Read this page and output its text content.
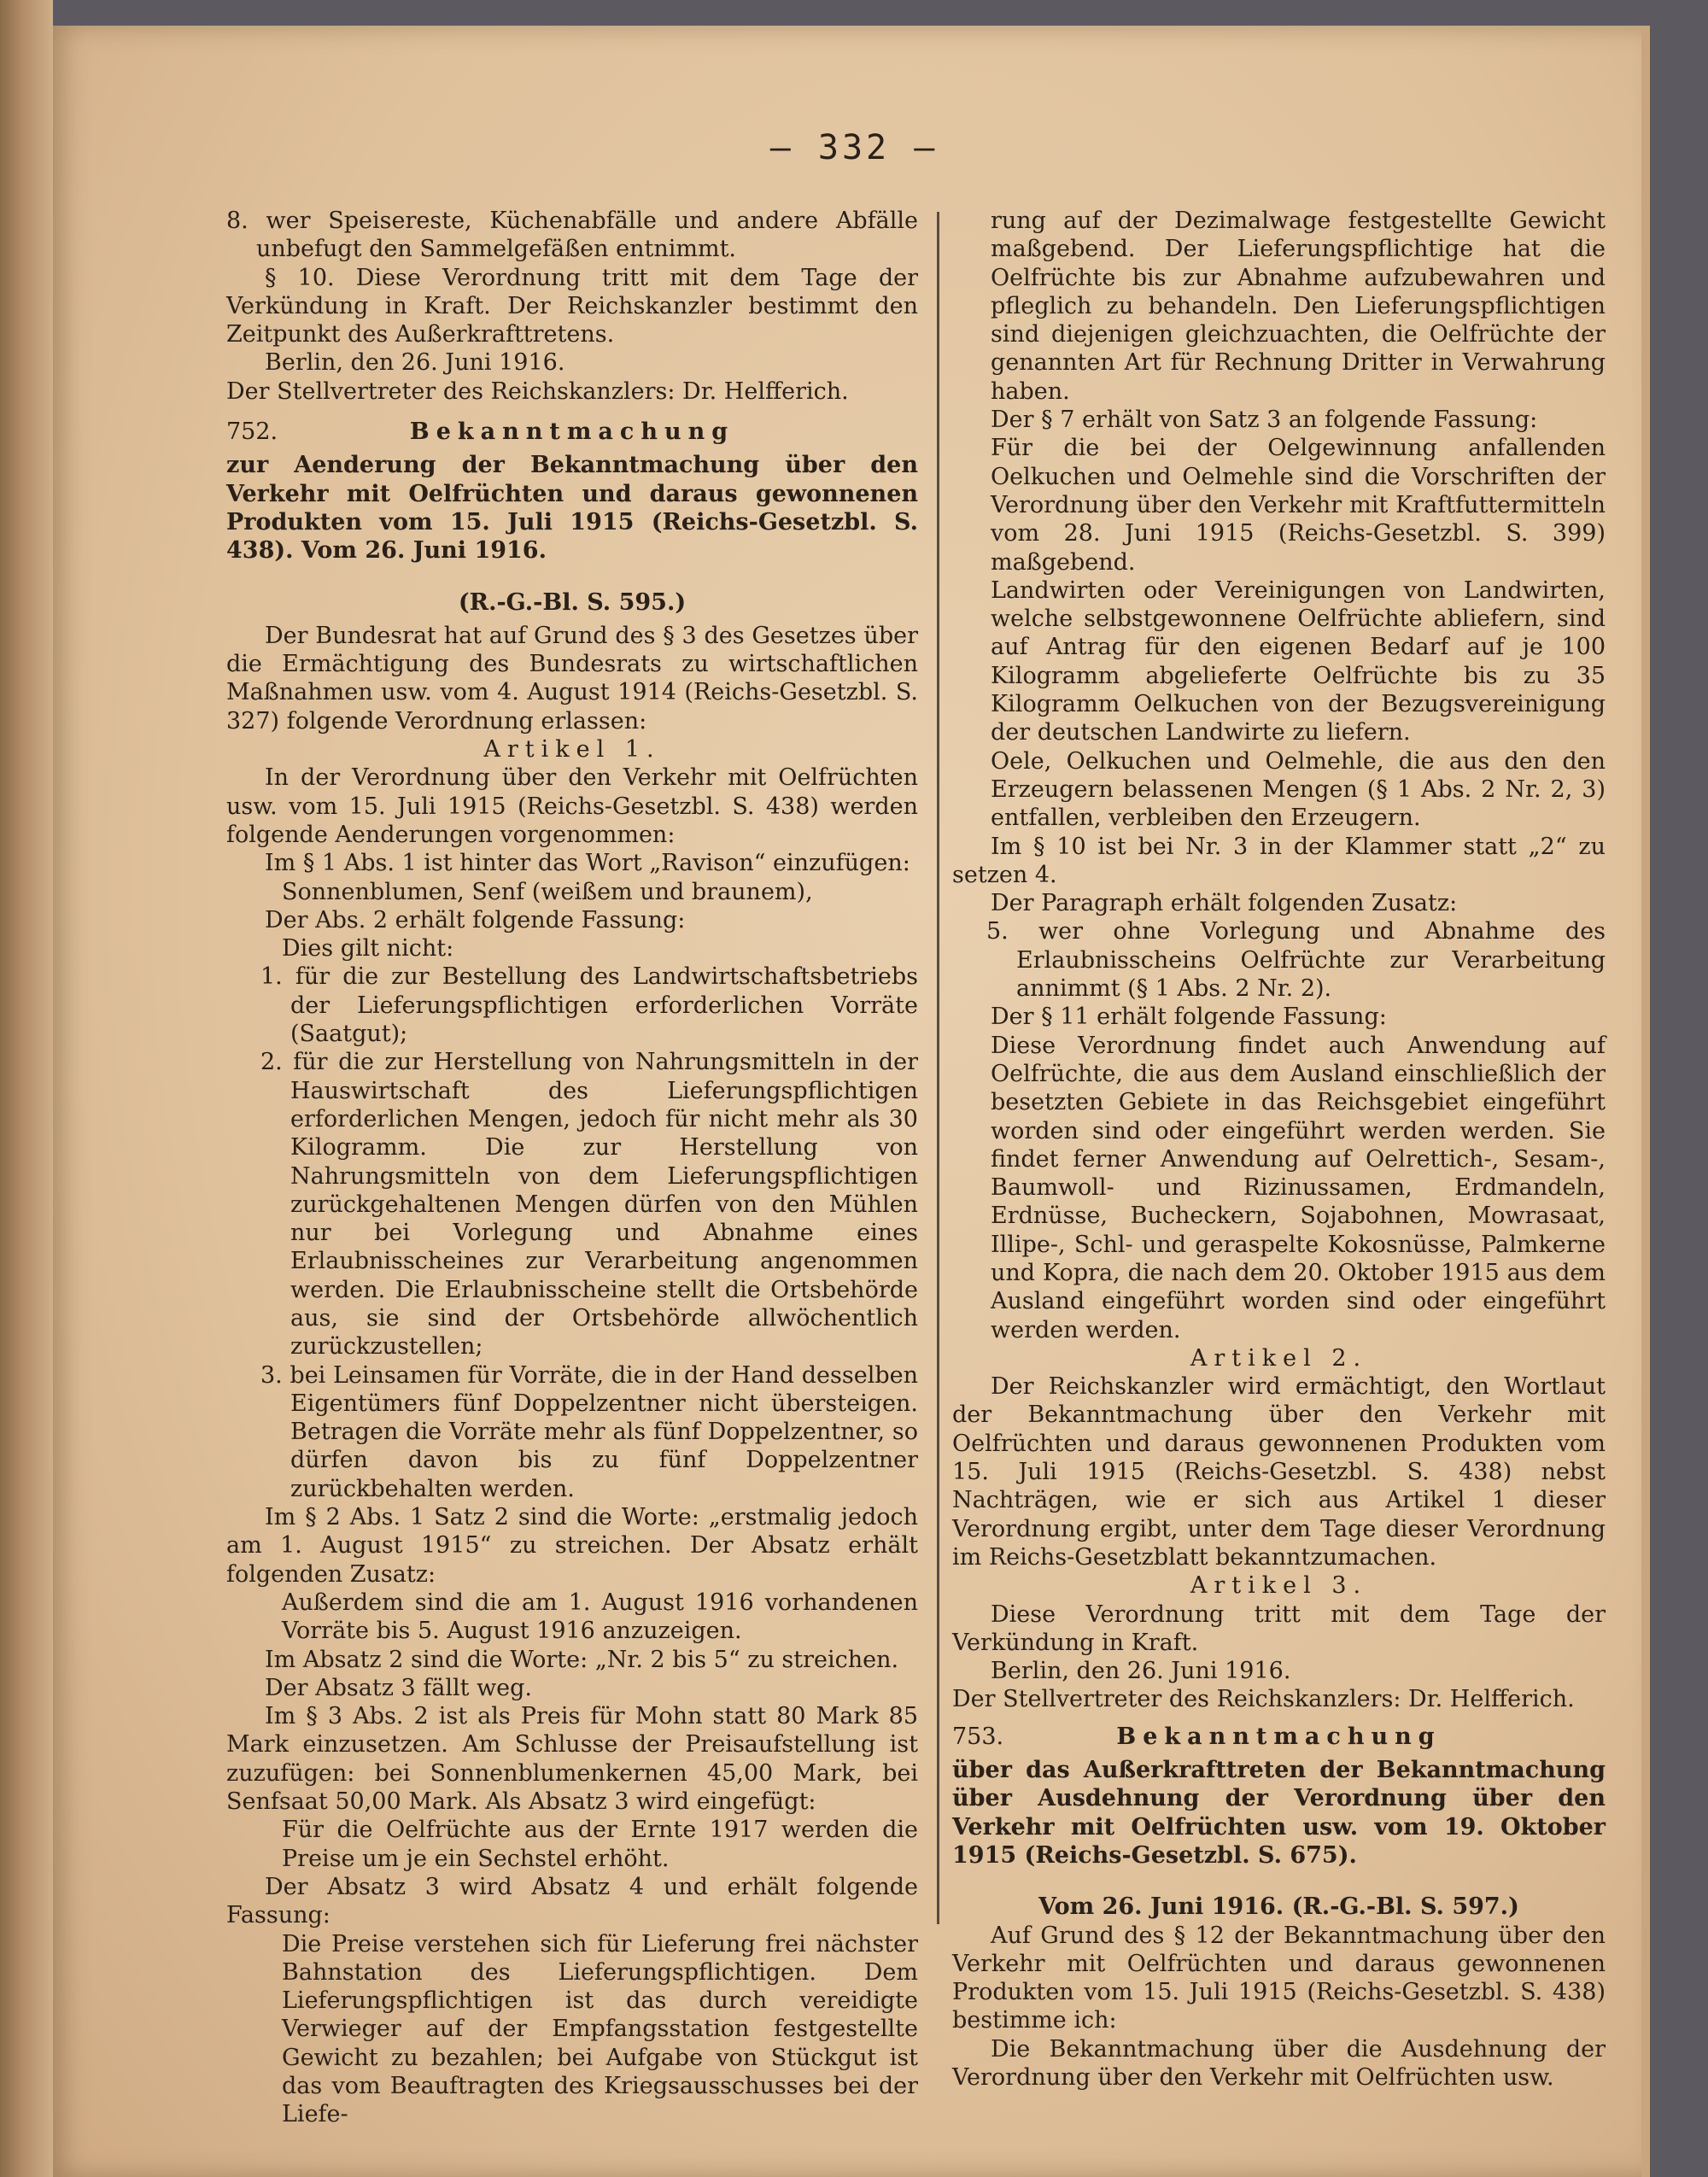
— 332 —

8. wer Speisereste, Küchenabfälle und andere Abfälle unbefugt den Sammelgefäßen entnimmt.

§ 10. Diese Verordnung tritt mit dem Tage der Verkündung in Kraft. Der Reichskanzler bestimmt den Zeitpunkt des Außerkrafttretens.

Berlin, den 26. Juni 1916.

Der Stellvertreter des Reichskanzlers: Dr. Helfferich.

752.	Bekanntmachung

zur Aenderung der Bekanntmachung über den Verkehr mit Oelfrüchten und daraus gewonnenen Produkten vom 15. Juli 1915 (Reichs-Gesetzbl. S. 438). Vom 26. Juni 1916.

(R.-G.-Bl. S. 595.)

Der Bundesrat hat auf Grund des § 3 des Gesetzes über die Ermächtigung des Bundesrats zu wirtschaftlichen Maßnahmen usw. vom 4. August 1914 (Reichs-Gesetzbl. S. 327) folgende Verordnung erlassen:

Artikel 1.

In der Verordnung über den Verkehr mit Oelfrüchten usw. vom 15. Juli 1915 (Reichs-Gesetzbl. S. 438) werden folgende Aenderungen vorgenommen:

Im § 1 Abs. 1 ist hinter das Wort „Ravison“ einzufügen:

Sonnenblumen, Senf (weißem und braunem),

Der Abs. 2 erhält folgende Fassung:

Dies gilt nicht:

1. für die zur Bestellung des Landwirtschaftsbetriebs der Lieferungspflichtigen erforderlichen Vorräte (Saatgut);

2. für die zur Herstellung von Nahrungsmitteln in der Hauswirtschaft des Lieferungspflichtigen erforderlichen Mengen, jedoch für nicht mehr als 30 Kilogramm. Die zur Herstellung von Nahrungsmitteln von dem Lieferungspflichtigen zurückgehaltenen Mengen dürfen von den Mühlen nur bei Vorlegung und Abnahme eines Erlaubnisscheines zur Verarbeitung angenommen werden. Die Erlaubnisscheine stellt die Ortsbehörde aus, sie sind der Ortsbehörde allwöchentlich zurückzustellen;

3. bei Leinsamen für Vorräte, die in der Hand desselben Eigentümers fünf Doppelzentner nicht übersteigen. Betragen die Vorräte mehr als fünf Doppelzentner, so dürfen davon bis zu fünf Doppelzentner zurückbehalten werden.

Im § 2 Abs. 1 Satz 2 sind die Worte: „erstmalig jedoch am 1. August 1915“ zu streichen. Der Absatz erhält folgenden Zusatz:

Außerdem sind die am 1. August 1916 vorhandenen Vorräte bis 5. August 1916 anzuzeigen.

Im Absatz 2 sind die Worte: „Nr. 2 bis 5“ zu streichen.

Der Absatz 3 fällt weg.

Im § 3 Abs. 2 ist als Preis für Mohn statt 80 Mark 85 Mark einzusetzen. Am Schlusse der Preisaufstellung ist zuzufügen: bei Sonnenblumenkernen 45,00 Mark, bei Senfsaat 50,00 Mark. Als Absatz 3 wird eingefügt:

Für die Oelfrüchte aus der Ernte 1917 werden die Preise um je ein Sechstel erhöht.

Der Absatz 3 wird Absatz 4 und erhält folgende Fassung:

Die Preise verstehen sich für Lieferung frei nächster Bahnstation des Lieferungspflichtigen. Dem Lieferungspflichtigen ist das durch vereidigte Verwieger auf der Empfangsstation festgestellte Gewicht zu bezahlen; bei Aufgabe von Stückgut ist das vom Beauftragten des Kriegsausschusses bei der Liefe-

rung auf der Dezimalwage festgestellte Gewicht maßgebend. Der Lieferungspflichtige hat die Oelfrüchte bis zur Abnahme aufzubewahren und pfleglich zu behandeln. Den Lieferungspflichtigen sind diejenigen gleichzuachten, die Oelfrüchte der genannten Art für Rechnung Dritter in Verwahrung haben.

Der § 7 erhält von Satz 3 an folgende Fassung:

Für die bei der Oelgewinnung anfallenden Oelkuchen und Oelmehle sind die Vorschriften der Verordnung über den Verkehr mit Kraftfuttermitteln vom 28. Juni 1915 (Reichs-Gesetzbl. S. 399) maßgebend.

Landwirten oder Vereinigungen von Landwirten, welche selbstgewonnene Oelfrüchte abliefern, sind auf Antrag für den eigenen Bedarf auf je 100 Kilogramm abgelieferte Oelfrüchte bis zu 35 Kilogramm Oelkuchen von der Bezugsvereinigung der deutschen Landwirte zu liefern.

Oele, Oelkuchen und Oelmehle, die aus den den Erzeugern belassenen Mengen (§ 1 Abs. 2 Nr. 2, 3) entfallen, verbleiben den Erzeugern.

Im § 10 ist bei Nr. 3 in der Klammer statt „2“ zu setzen 4.

Der Paragraph erhält folgenden Zusatz:

5. wer ohne Vorlegung und Abnahme des Erlaubnisscheins Oelfrüchte zur Verarbeitung annimmt (§ 1 Abs. 2 Nr. 2).

Der § 11 erhält folgende Fassung:

Diese Verordnung findet auch Anwendung auf Oelfrüchte, die aus dem Ausland einschließlich der besetzten Gebiete in das Reichsgebiet eingeführt worden sind oder eingeführt werden werden. Sie findet ferner Anwendung auf Oelrettich-, Sesam-, Baumwoll- und Rizinussamen, Erdmandeln, Erdnüsse, Bucheckern, Sojabohnen, Mowrasaat, Illipe-, Schl- und geraspelte Kokosnüsse, Palmkerne und Kopra, die nach dem 20. Oktober 1915 aus dem Ausland eingeführt worden sind oder eingeführt werden werden.

Artikel 2.

Der Reichskanzler wird ermächtigt, den Wortlaut der Bekanntmachung über den Verkehr mit Oelfrüchten und daraus gewonnenen Produkten vom 15. Juli 1915 (Reichs-Gesetzbl. S. 438) nebst Nachträgen, wie er sich aus Artikel 1 dieser Verordnung ergibt, unter dem Tage dieser Verordnung im Reichs-Gesetzblatt bekanntzumachen.

Artikel 3.

Diese Verordnung tritt mit dem Tage der Verkündung in Kraft.

Berlin, den 26. Juni 1916.

Der Stellvertreter des Reichskanzlers: Dr. Helfferich.

753.	Bekanntmachung

über das Außerkrafttreten der Bekanntmachung über Ausdehnung der Verordnung über den Verkehr mit Oelfrüchten usw. vom 19. Oktober 1915 (Reichs-Gesetzbl. S. 675).

Vom 26. Juni 1916. (R.-G.-Bl. S. 597.)

Auf Grund des § 12 der Bekanntmachung über den Verkehr mit Oelfrüchten und daraus gewonnenen Produkten vom 15. Juli 1915 (Reichs-Gesetzbl. S. 438) bestimme ich:

Die Bekanntmachung über die Ausdehnung der Verordnung über den Verkehr mit Oelfrüchten usw.
